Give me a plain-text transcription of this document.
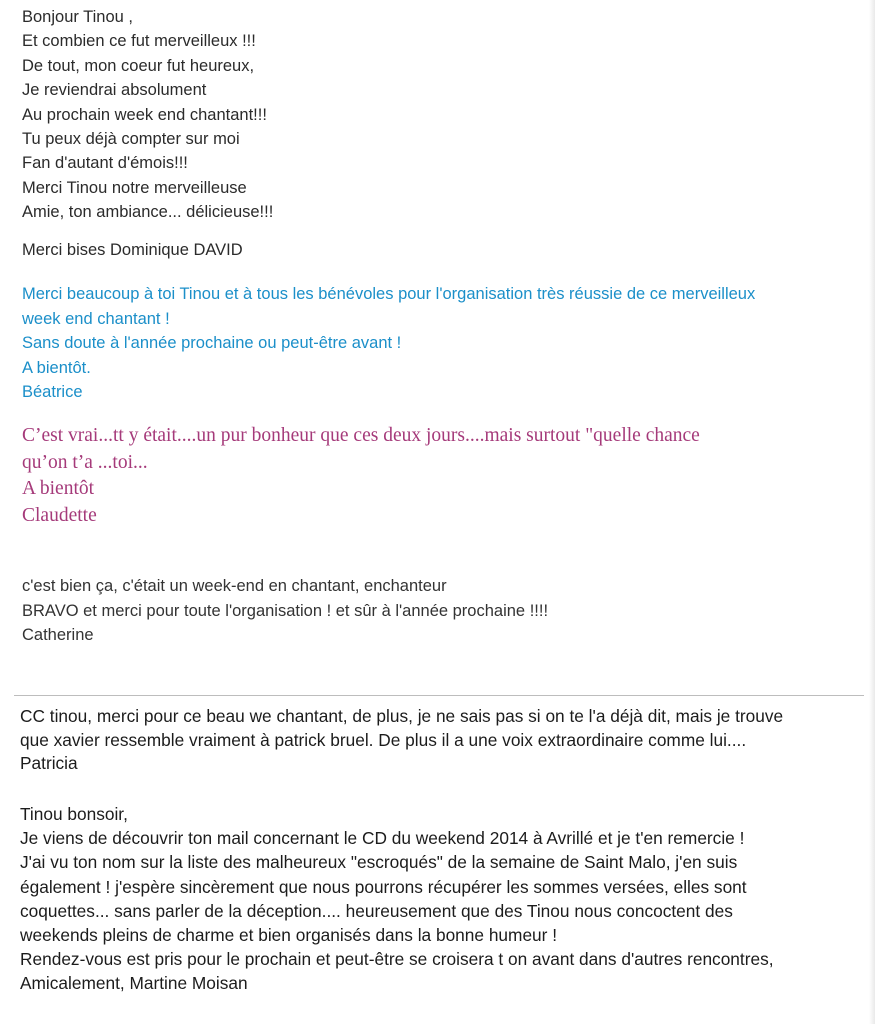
Bonjour Tinou ,
Et combien ce fut merveilleux !!!
De tout, mon coeur fut heureux,
Je reviendrai absolument
Au prochain week end chantant!!!
Tu peux déjà compter sur moi
Fan d'autant d'émois!!!
Merci Tinou notre merveilleuse
Amie, ton ambiance... délicieuse!!!
Merci bises Dominique DAVID
Merci beaucoup à toi Tinou et à tous les bénévoles pour l'organisation très réussie de ce merveilleux
week end chantant !
Sans doute à l'année prochaine ou peut-être avant !
A bientôt.
Béatrice
C’est vrai...tt y était....un pur bonheur que ces deux jours....mais surtout "quelle chance
qu’on t’a ...toi...
A bientôt
Claudette
c'est bien ça, c'était un week-end en chantant, enchanteur
BRAVO et merci pour toute l'organisation ! et sûr à l'année prochaine !!!!
Catherine
CC tinou, merci pour ce beau we chantant, de plus, je ne sais pas si on te l'a déjà dit, mais je trouve
que xavier ressemble vraiment à patrick bruel. De plus il a une voix extraordinaire comme lui....
Patricia
Tinou bonsoir,
Je viens de découvrir ton mail concernant le CD du weekend 2014 à Avrillé et je t'en remercie !
J'ai vu ton nom sur la liste des malheureux "escroqués" de la semaine de Saint Malo, j'en suis
également ! j'espère sincèrement que nous pourrons récupérer les sommes versées, elles sont
coquettes... sans parler de la déception.... heureusement que des Tinou nous concoctent des
weekends pleins de charme et bien organisés dans la bonne humeur !
Rendez-vous est pris pour le prochain et peut-être se croisera t on avant dans d'autres rencontres,
Amicalement, Martine Moisan
